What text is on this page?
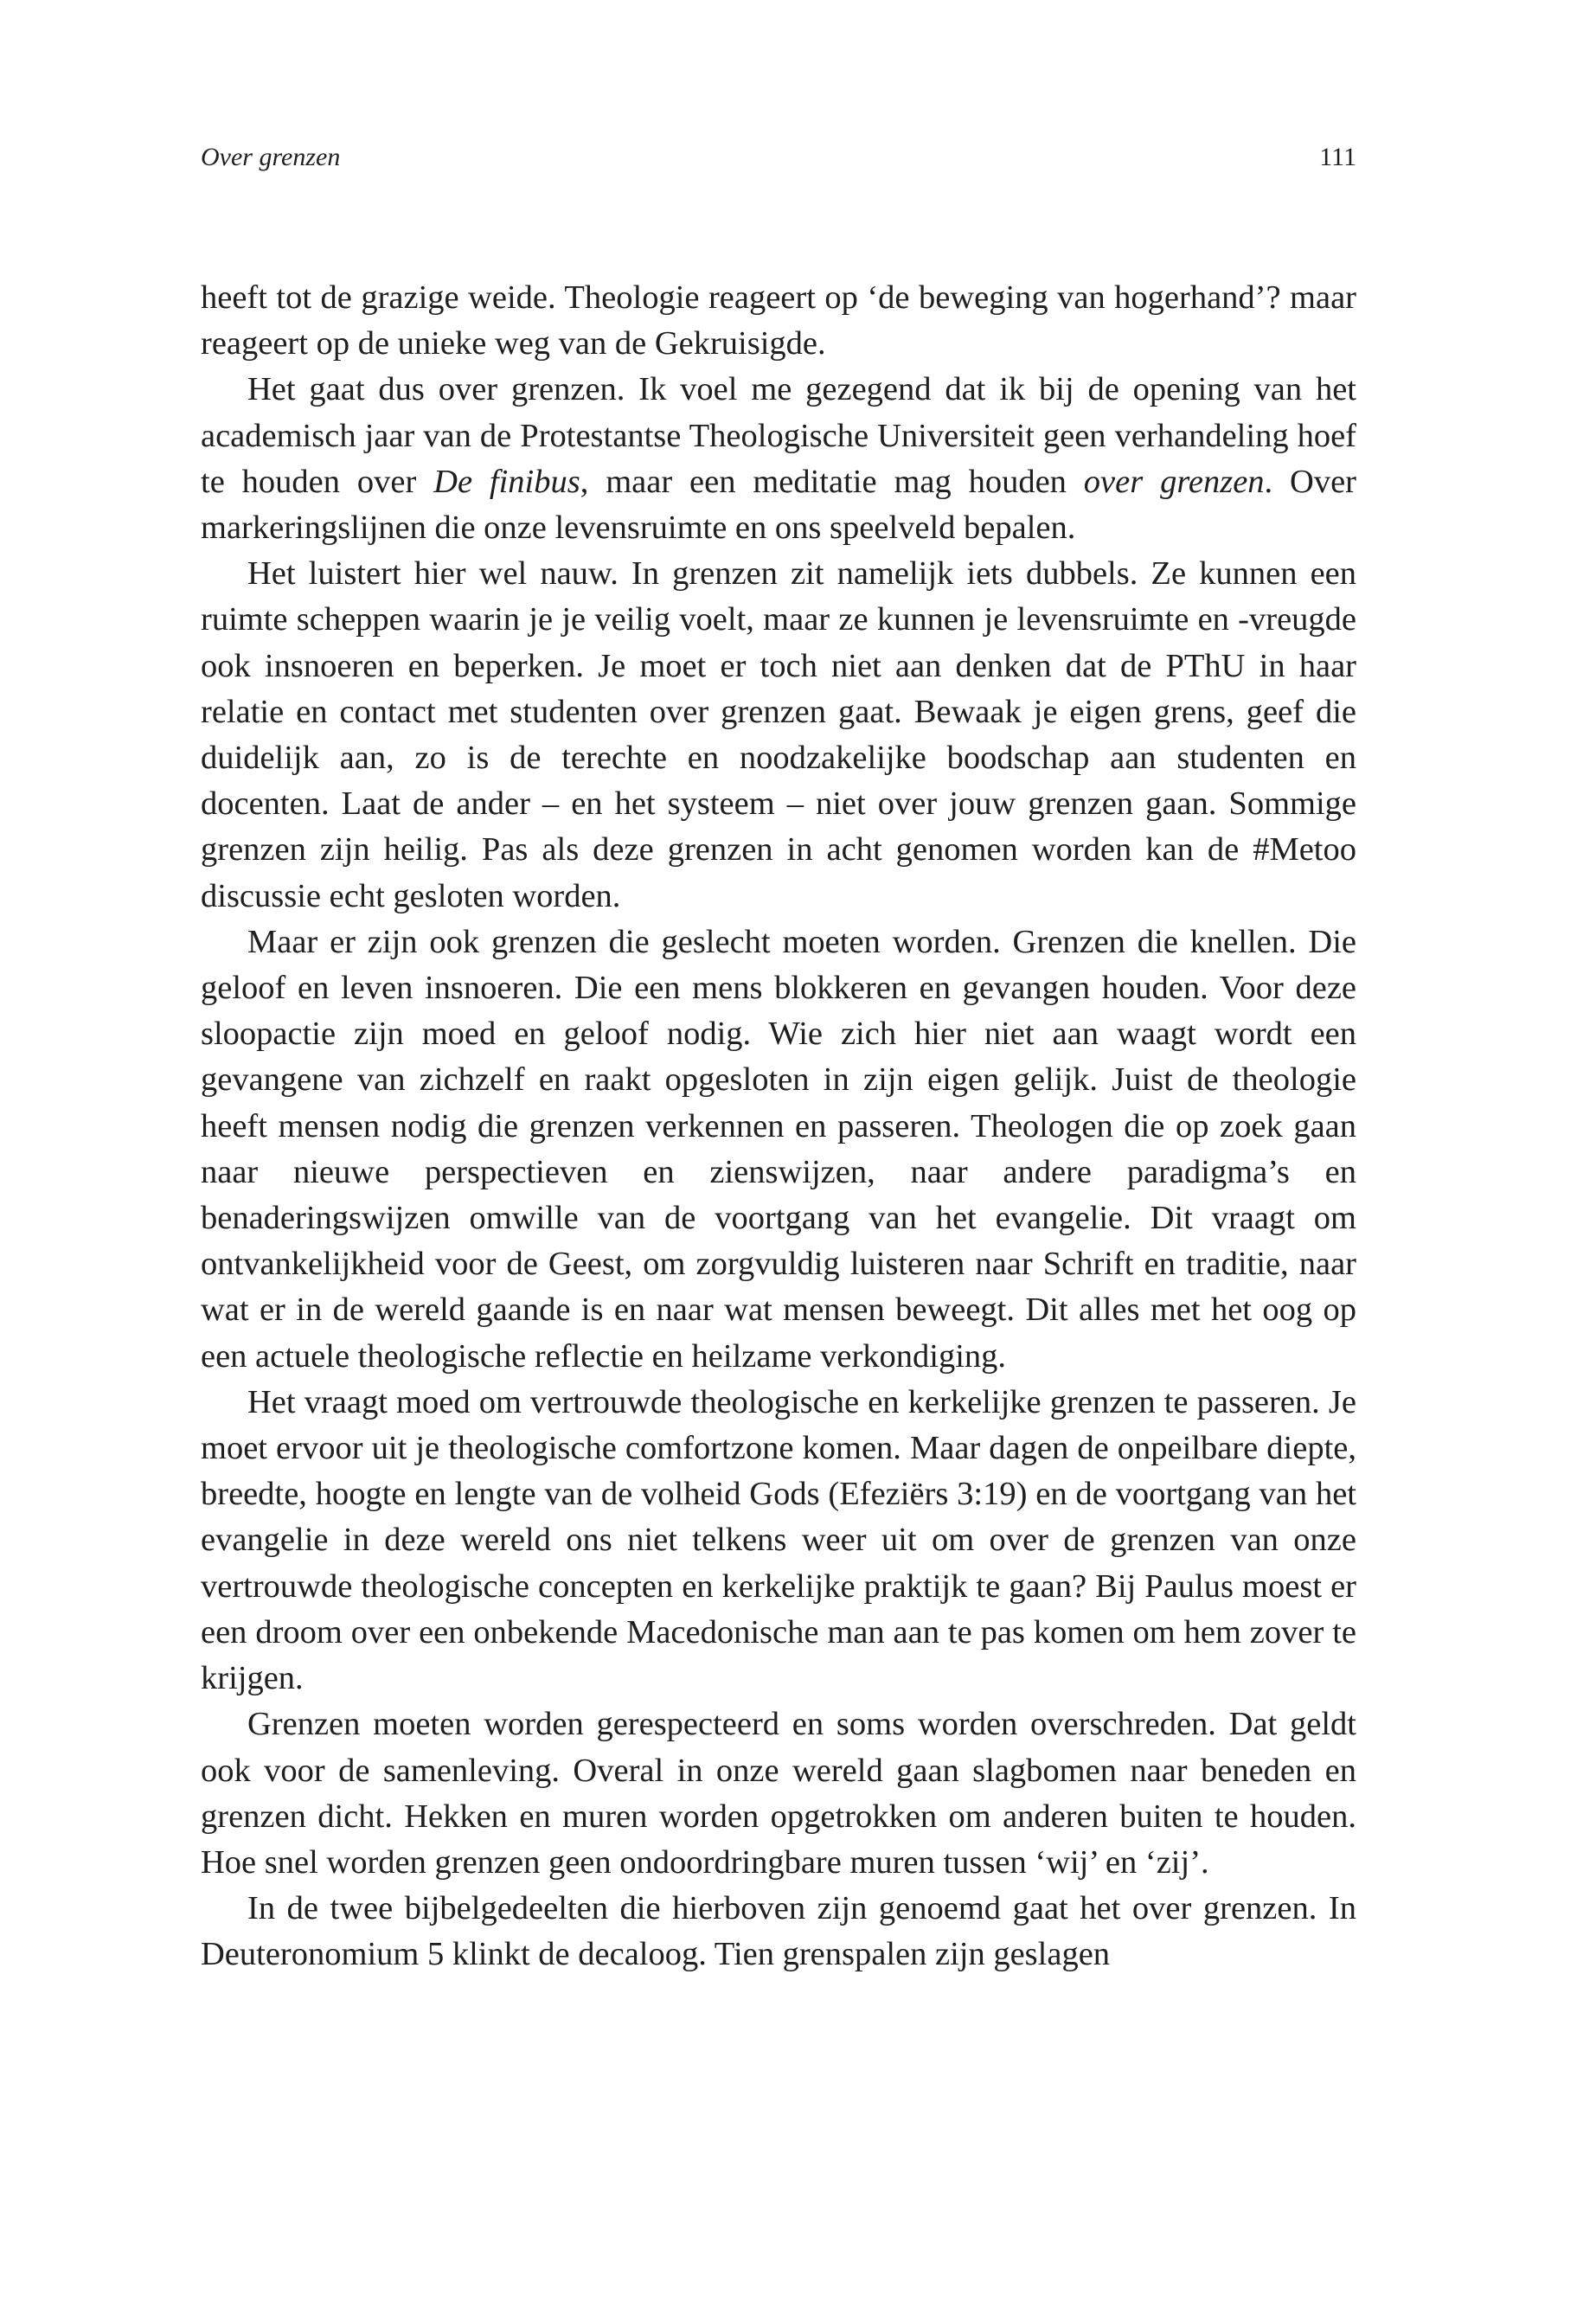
Over grenzen	111

heeft tot de grazige weide. Theologie reageert op ‘de beweging van hogerhand’? maar reageert op de unieke weg van de Gekruisigde.

Het gaat dus over grenzen. Ik voel me gezegend dat ik bij de opening van het academisch jaar van de Protestantse Theologische Universiteit geen verhandeling hoef te houden over De finibus, maar een meditatie mag houden over grenzen. Over markeringslijnen die onze levensruimte en ons speelveld bepalen.

Het luistert hier wel nauw. In grenzen zit namelijk iets dubbels. Ze kunnen een ruimte scheppen waarin je je veilig voelt, maar ze kunnen je levensruimte en -vreugde ook insnoeren en beperken. Je moet er toch niet aan denken dat de PThU in haar relatie en contact met studenten over grenzen gaat. Bewaak je eigen grens, geef die duidelijk aan, zo is de terechte en noodzakelijke boodschap aan studenten en docenten. Laat de ander – en het systeem – niet over jouw grenzen gaan. Sommige grenzen zijn heilig. Pas als deze grenzen in acht genomen worden kan de #Metoo discussie echt gesloten worden.

Maar er zijn ook grenzen die geslecht moeten worden. Grenzen die knellen. Die geloof en leven insnoeren. Die een mens blokkeren en gevangen houden. Voor deze sloopactie zijn moed en geloof nodig. Wie zich hier niet aan waagt wordt een gevangene van zichzelf en raakt opgesloten in zijn eigen gelijk. Juist de theologie heeft mensen nodig die grenzen verkennen en passeren. Theologen die op zoek gaan naar nieuwe perspectieven en zienswijzen, naar andere paradigma’s en benaderingswijzen omwille van de voortgang van het evangelie. Dit vraagt om ontvankelijkheid voor de Geest, om zorgvuldig luisteren naar Schrift en traditie, naar wat er in de wereld gaande is en naar wat mensen beweegt. Dit alles met het oog op een actuele theologische reflectie en heilzame verkondiging.

Het vraagt moed om vertrouwde theologische en kerkelijke grenzen te passeren. Je moet ervoor uit je theologische comfortzone komen. Maar dagen de onpeilbare diepte, breedte, hoogte en lengte van de volheid Gods (Efeziërs 3:19) en de voortgang van het evangelie in deze wereld ons niet telkens weer uit om over de grenzen van onze vertrouwde theologische concepten en kerkelijke praktijk te gaan? Bij Paulus moest er een droom over een onbekende Macedonische man aan te pas komen om hem zover te krijgen.

Grenzen moeten worden gerespecteerd en soms worden overschreden. Dat geldt ook voor de samenleving. Overal in onze wereld gaan slagbomen naar beneden en grenzen dicht. Hekken en muren worden opgetrokken om anderen buiten te houden. Hoe snel worden grenzen geen ondoordringbare muren tussen ‘wij’ en ‘zij’.

In de twee bijbelgedeelten die hierboven zijn genoemd gaat het over grenzen. In Deuteronomium 5 klinkt de decaloog. Tien grenspalen zijn geslagen
